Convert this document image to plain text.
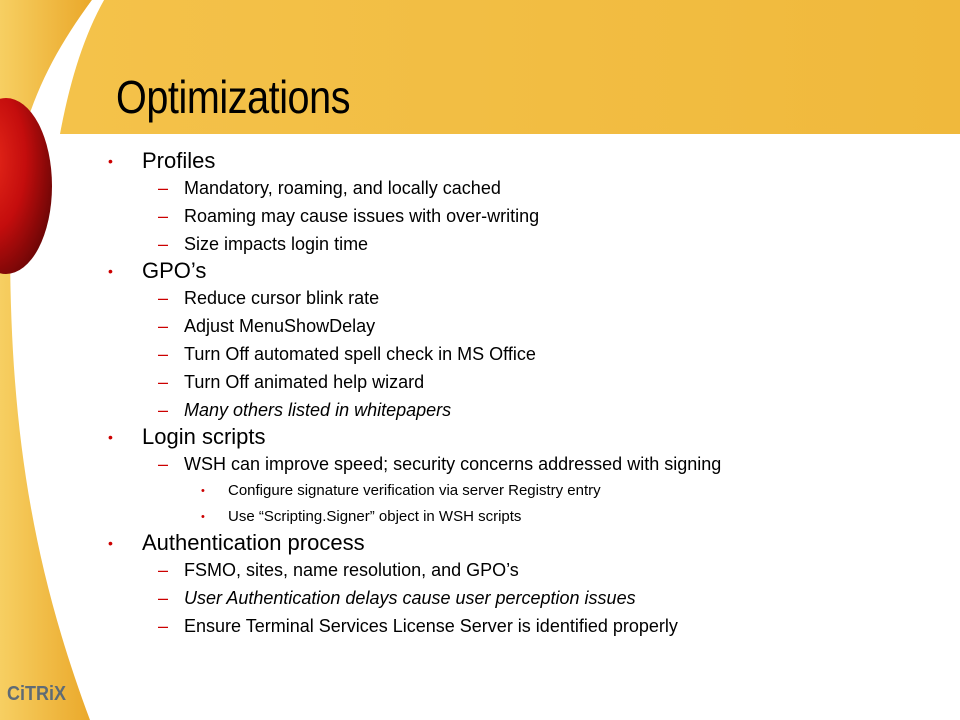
Optimizations
•	Profiles
– Mandatory, roaming, and locally cached
– Roaming may cause issues with over-writing
– Size impacts login time
•	GPO’s
– Reduce cursor blink rate
– Adjust MenuShowDelay
– Turn Off automated spell check in MS Office
– Turn Off animated help wizard
– Many others listed in whitepapers
•	Login scripts
– WSH can improve speed; security concerns addressed with signing
•	Configure signature verification via server Registry entry
•	Use “Scripting.Signer” object in WSH scripts
•	Authentication process
– FSMO, sites, name resolution, and GPO’s
– User Authentication delays cause user perception issues
– Ensure Terminal Services License Server is identified properly
CiTRiX
